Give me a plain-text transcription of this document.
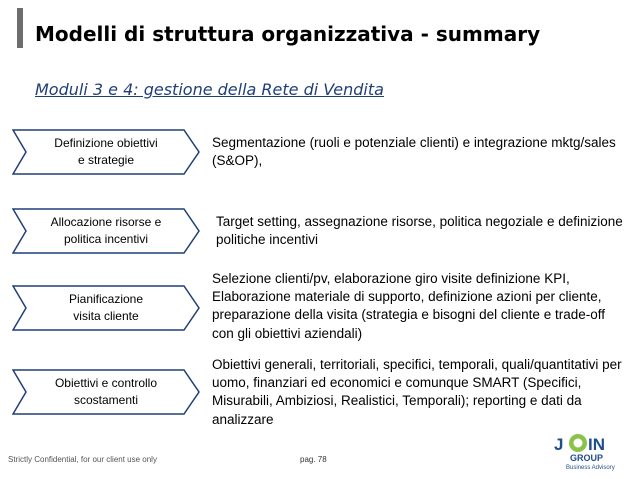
Modelli di struttura organizzativa - summary
Moduli 3 e 4: gestione della Rete di Vendita
Definizione obiettivi
e strategie
Segmentazione (ruoli e potenziale clienti) e integrazione mktg/sales (S&OP),
Allocazione risorse e
politica incentivi
Target setting, assegnazione risorse, politica negoziale e definizione politiche incentivi
Pianificazione
visita cliente
Selezione clienti/pv, elaborazione giro visite definizione KPI, Elaborazione materiale di supporto, definizione azioni per cliente, preparazione della visita (strategia e bisogni del cliente e trade-off con gli obiettivi aziendali)
Obiettivi e controllo
scostamenti
Obiettivi generali, territoriali, specifici, temporali, quali/quantitativi per uomo, finanziari ed economici e comunque SMART (Specifici, Misurabili, Ambiziosi, Realistici, Temporali); reporting e dati da analizzare
Strictly Confidential, for our client use only	pag. 78
J IN
GROUP
Business Advisory
